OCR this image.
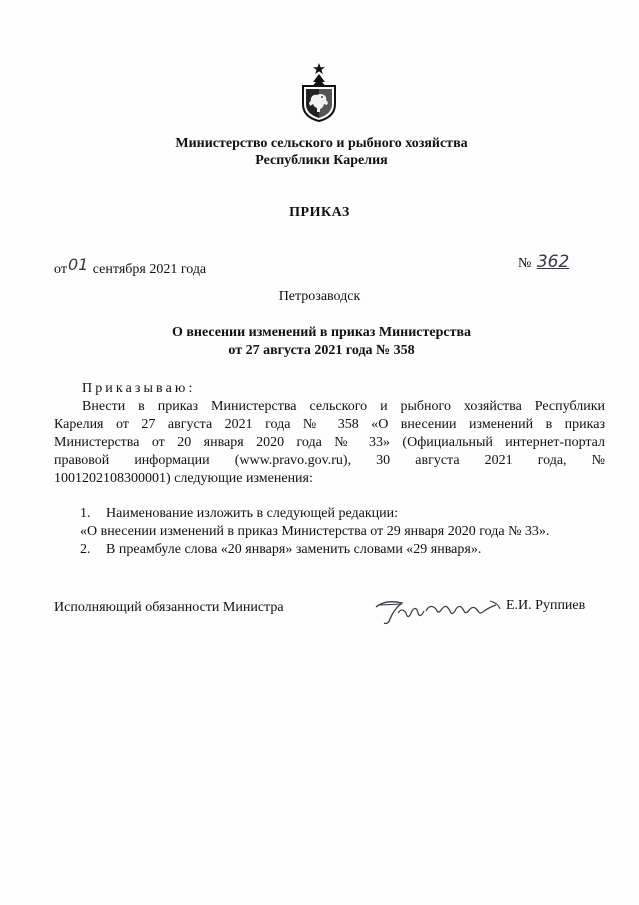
Министерство сельского и рыбного хозяйства
Республики Карелия
ПРИКАЗ
от01 сентября 2021 года	№ 362
Петрозаводск
О внесении изменений в приказ Министерства
от 27 августа 2021 года № 358
Приказываю:
Внести в приказ Министерства сельского и рыбного хозяйства Республики
Карелия от 27 августа 2021 года № 358 «О внесении изменений в приказ
Министерства от 20 января 2020 года № 33» (Официальный интернет-портал
правовой информации (www.pravo.gov.ru), 30 августа 2021 года, №
1001202108300001) следующие изменения:
1. Наименование изложить в следующей редакции:
«О внесении изменений в приказ Министерства от 29 января 2020 года № 33».
2. В преамбуле слова «20 января» заменить словами «29 января».
Исполняющий обязанности Министра	Е.И. Руппиев
